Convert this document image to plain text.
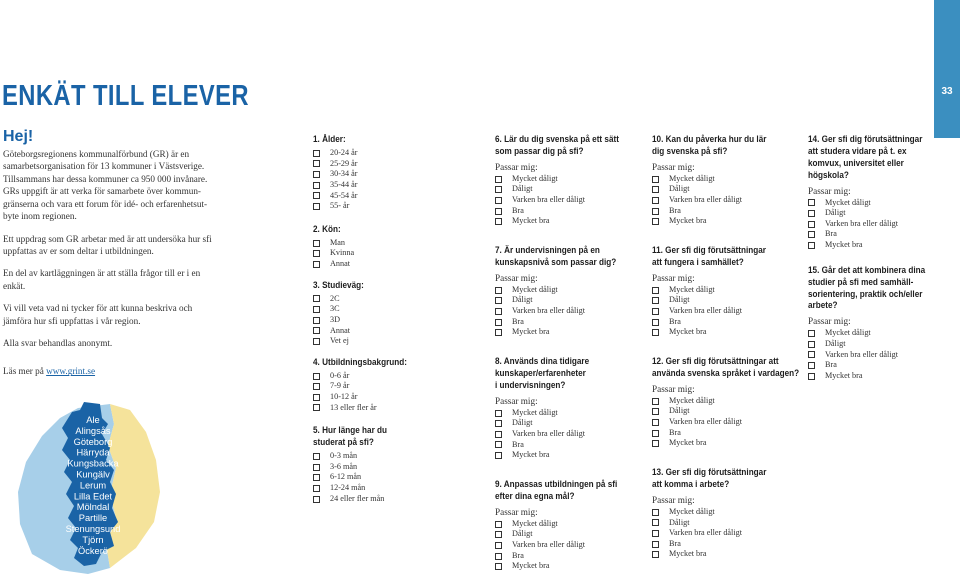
ENKÄT TILL ELEVER	33
Hej!

Göteborgsregionens kommunalförbund (GR) är en samarbetsorganisation för 13 kommuner i Västsverige. Tillsammans har dessa kommuner ca 950 000 invånare. GRs uppgift är att verka för samarbete över kommun-gränserna och vara ett forum för idé- och erfarenhetsut-byte inom regionen.

Ett uppdrag som GR arbetar med är att undersöka hur sfi uppfattas av er som deltar i utbildningen.

En del av kartläggningen är att ställa frågor till er i en enkät.

Vi vill veta vad ni tycker för att kunna beskriva och jämföra hur sfi uppfattas i vår region.

Alla svar behandlas anonymt.

Läs mer på www.grint.se

Ale
Alingsås
Göteborg
Härryda
Kungsbacka
Kungälv
Lerum
Lilla Edet
Mölndal
Partille
Stenungsund
Tjörn
Öckerö
1. Ålder:
20-24 år
25-29 år
30-34 år
35-44 år
45-54 år
55- år
2. Kön:
Man
Kvinna
Annat
3. Studieväg:
2C
3C
3D
Annat
Vet ej
4. Utbildningsbakgrund:
0-6 år
7-9 år
10-12 år
13 eller fler år
5. Hur länge har du
studerat på sfi?
0-3 mån
3-6 mån
6-12 mån
12-24 mån
24 eller fler mån
6. Lär du dig svenska på ett sätt
som passar dig på sfi?
Passar mig:
Mycket dåligt
Dåligt
Varken bra eller dåligt
Bra
Mycket bra
7. Är undervisningen på en
kunskapsnivå som passar dig?
Passar mig:
Mycket dåligt
Dåligt
Varken bra eller dåligt
Bra
Mycket bra
8. Används dina tidigare
kunskaper/erfarenheter
i undervisningen?
Passar mig:
Mycket dåligt
Dåligt
Varken bra eller dåligt
Bra
Mycket bra
9. Anpassas utbildningen på sfi
efter dina egna mål?
Passar mig:
Mycket dåligt
Dåligt
Varken bra eller dåligt
Bra
Mycket bra
10. Kan du påverka hur du lär
dig svenska på sfi?
Passar mig:
Mycket dåligt
Dåligt
Varken bra eller dåligt
Bra
Mycket bra
11. Ger sfi dig förutsättningar
att fungera i samhället?
Passar mig:
Mycket dåligt
Dåligt
Varken bra eller dåligt
Bra
Mycket bra
12. Ger sfi dig förutsättningar att
använda svenska språket i vardagen?
Passar mig:
Mycket dåligt
Dåligt
Varken bra eller dåligt
Bra
Mycket bra
13. Ger sfi dig förutsättningar
att komma i arbete?
Passar mig:
Mycket dåligt
Dåligt
Varken bra eller dåligt
Bra
Mycket bra
14. Ger sfi dig förutsättningar
att studera vidare på t. ex
komvux, universitet eller
högskola?
Passar mig:
Mycket dåligt
Dåligt
Varken bra eller dåligt
Bra
Mycket bra
15. Går det att kombinera dina
studier på sfi med samhäll-
sorientering, praktik och/eller
arbete?
Passar mig:
Mycket dåligt
Dåligt
Varken bra eller dåligt
Bra
Mycket bra
